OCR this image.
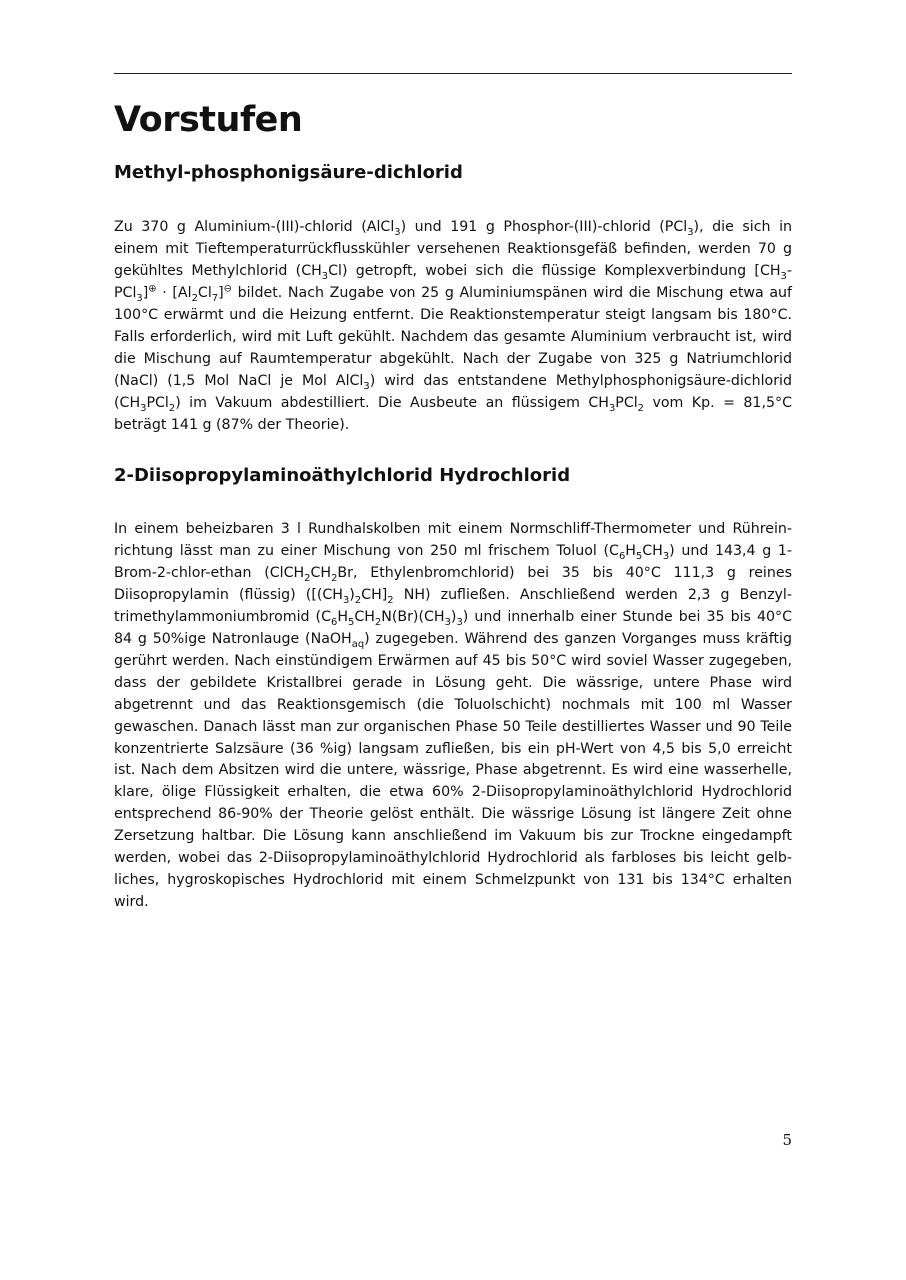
Vorstufen
Methyl-phosphonigsäure-dichlorid

Zu 370 g Aluminium-(III)-chlorid (AlCl$_3$) und 191 g Phosphor-(III)-chlorid (PCl$_3$), die sich in einem mit Tieftemperaturrückflusskühler versehenen Reaktionsgefäß befinden, werden 70 g gekühltes Methylchlorid $(CH_3Cl)$ getropft, wobei sich die flüssige Komplexverbindung $[CH_3-PCl_3]^\oplus \cdot [Al_2Cl_7]^⊖$ bildet. Nach Zugabe von 25 g Aluminiumspänen wird die Mischung etwa auf 100°C erwärmt und die Heizung entfernt. Die Reaktionstemperatur steigt langsam bis 180°C. Falls erforderlich, wird mit Luft gekühlt. Nachdem das gesamte Aluminium verbraucht ist, wird die Mischung auf Raumtemperatur abgekühlt. Nach der Zugabe von 325 g Natriumchlorid (NaCl) (1,5 Mol NaCl je Mol AlCl$_3$) wird das entstandene Methylphosphonigsäure-dichlorid $(CH_3PCl_2)$ im Vakuum abdestilliert. Die Ausbeute an flüssigem $CH_3PCl_2$ vom Kp. = 81,5°C beträgt 141 g (87% der Theorie).

2-Diisopropylaminoäthylchlorid Hydrochlorid

In einem beheizbaren 3 l Rundhalskolben mit einem Normschliff-Thermometer und Rühreinrichtung lässt man zu einer Mischung von 250 ml frischem Toluol $(C_6H_5CH_3)$ und 143,4 g 1-Brom-2-chlor-ethan ($ClCH_2CH_2Br$, Ethylenbromchlorid) bei 35 bis 40°C 111,3 g reines Diisopropylamin (flüssig) ($[(CH_3)_2CH]_2$ NH) zufließen. Anschließend werden 2,3 g Benzyltrimethylammoniumbromid $(C_6H_5CH_2N(Br)(CH_3)_3)$ und innerhalb einer Stunde bei 35 bis 40°C 84 g 50%ige Natronlauge (NaOH$_{aq}$) zugegeben. Während des ganzen Vorganges muss kräftig gerührt werden. Nach einstündigem Erwärmen auf 45 bis 50°C wird soviel Wasser zugegeben, dass der gebildete Kristallbrei gerade in Lösung geht. Die wässrige, untere Phase wird abgetrennt und das Reaktionsgemisch (die Toluolschicht) nochmals mit 100 ml Wasser gewaschen. Danach lässt man zur organischen Phase 50 Teile destilliertes Wasser und 90 Teile konzentrierte Salzsäure (36 %ig) langsam zufließen, bis ein pH-Wert von 4,5 bis 5,0 erreicht ist. Nach dem Absitzen wird die untere, wässrige, Phase abgetrennt. Es wird eine wasserhelle, klare, ölige Flüssigkeit erhalten, die etwa 60% 2-Diisopropylaminoäthylchlorid Hydrochlorid entsprechend 86-90% der Theorie gelöst enthält. Die wässrige Lösung ist längere Zeit ohne Zersetzung haltbar. Die Lösung kann anschließend im Vakuum bis zur Trockne eingedampft werden, wobei das 2-Diisopropylaminoäthylchlorid Hydrochlorid als farbloses bis leicht gelbliches, hygroskopisches Hydrochlorid mit einem Schmelzpunkt von 131 bis 134°C erhalten wird.

5
